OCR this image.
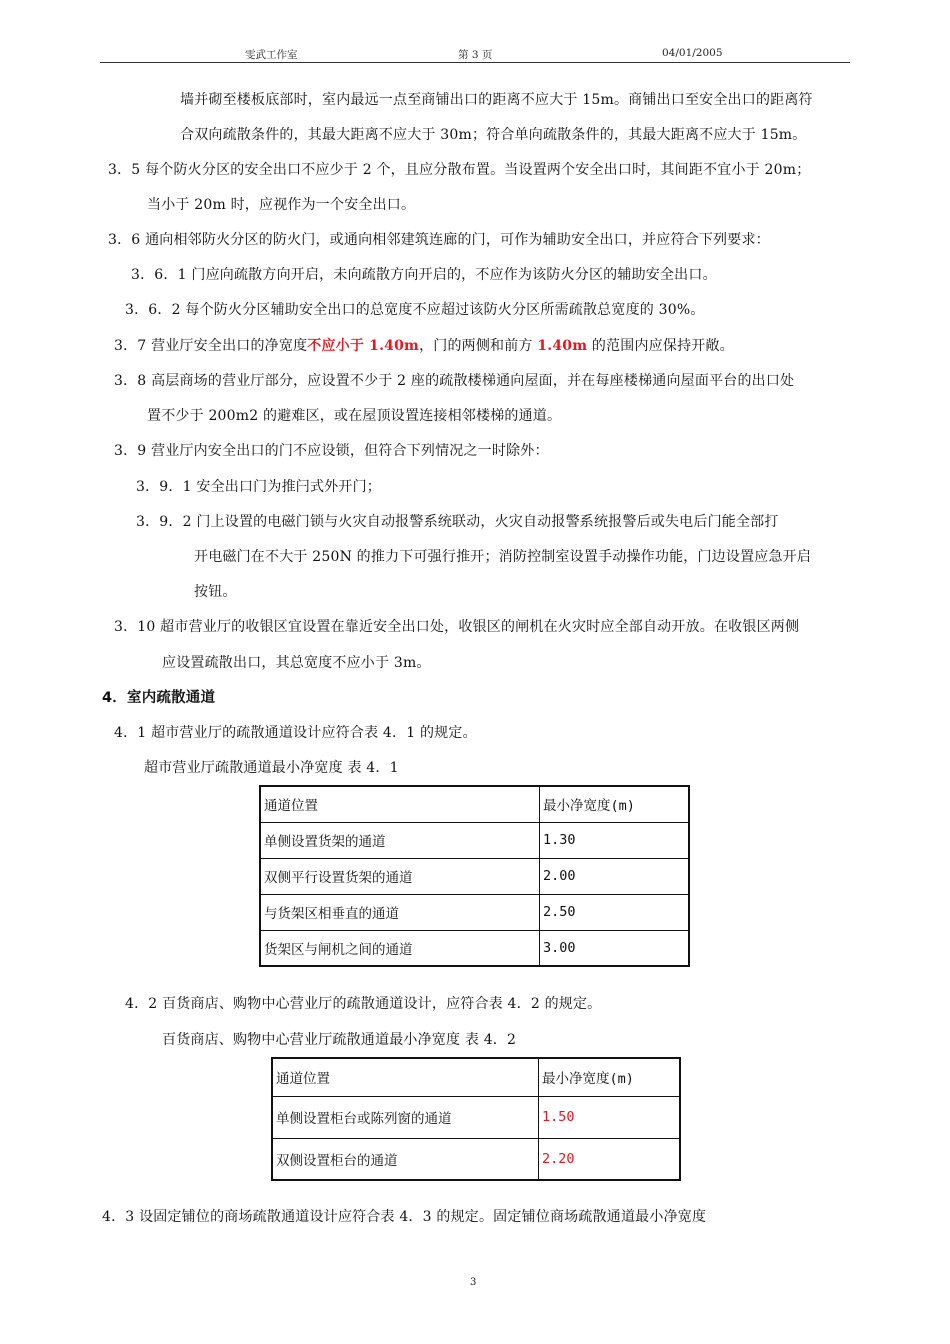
雯武工作室	第 3 页	04/01/2005
墙并砌至楼板底部时，室内最远一点至商铺出口的距离不应大于 15m。商铺出口至安全出口的距离符
合双向疏散条件的，其最大距离不应大于 30m；符合单向疏散条件的，其最大距离不应大于 15m。
3．5 每个防火分区的安全出口不应少于 2 个，且应分散布置。当设置两个安全出口时，其间距不宜小于 20m；
当小于 20m 时，应视作为一个安全出口。
3．6 通向相邻防火分区的防火门，或通向相邻建筑连廊的门，可作为辅助安全出口，并应符合下列要求：
3．6．1 门应向疏散方向开启，未向疏散方向开启的，不应作为该防火分区的辅助安全出口。
3．6．2 每个防火分区辅助安全出口的总宽度不应超过该防火分区所需疏散总宽度的 30%。
3．7 营业厅安全出口的净宽度不应小于 1.40m，门的两侧和前方 1.40m 的范围内应保持开敞。
3．8 高层商场的营业厅部分，应设置不少于 2 座的疏散楼梯通向屋面，并在每座楼梯通向屋面平台的出口处
置不少于 200m2 的避难区，或在屋顶设置连接相邻楼梯的通道。
3．9 营业厅内安全出口的门不应设锁，但符合下列情况之一时除外：
3．9．1 安全出口门为推闩式外开门；
3．9．2 门上设置的电磁门锁与火灾自动报警系统联动，火灾自动报警系统报警后或失电后门能全部打
开电磁门在不大于 250N 的推力下可强行推开；消防控制室设置手动操作功能，门边设置应急开启
按钮。
3．10 超市营业厅的收银区宜设置在靠近安全出口处，收银区的闸机在火灾时应全部自动开放。在收银区两侧
应设置疏散出口，其总宽度不应小于 3m。
4．室内疏散通道
4．1 超市营业厅的疏散通道设计应符合表 4．1 的规定。
超市营业厅疏散通道最小净宽度 表 4．1
通道位置	最小净宽度(m)
单侧设置货架的通道	1.30
双侧平行设置货架的通道	2.00
与货架区相垂直的通道	2.50
货架区与闸机之间的通道	3.00
4．2 百货商店、购物中心营业厅的疏散通道设计，应符合表 4．2 的规定。
百货商店、购物中心营业厅疏散通道最小净宽度 表 4．2
通道位置	最小净宽度(m)
单侧设置柜台或陈列窗的通道	1.50
双侧设置柜台的通道	2.20
4．3 设固定铺位的商场疏散通道设计应符合表 4．3 的规定。固定铺位商场疏散通道最小净宽度
3
